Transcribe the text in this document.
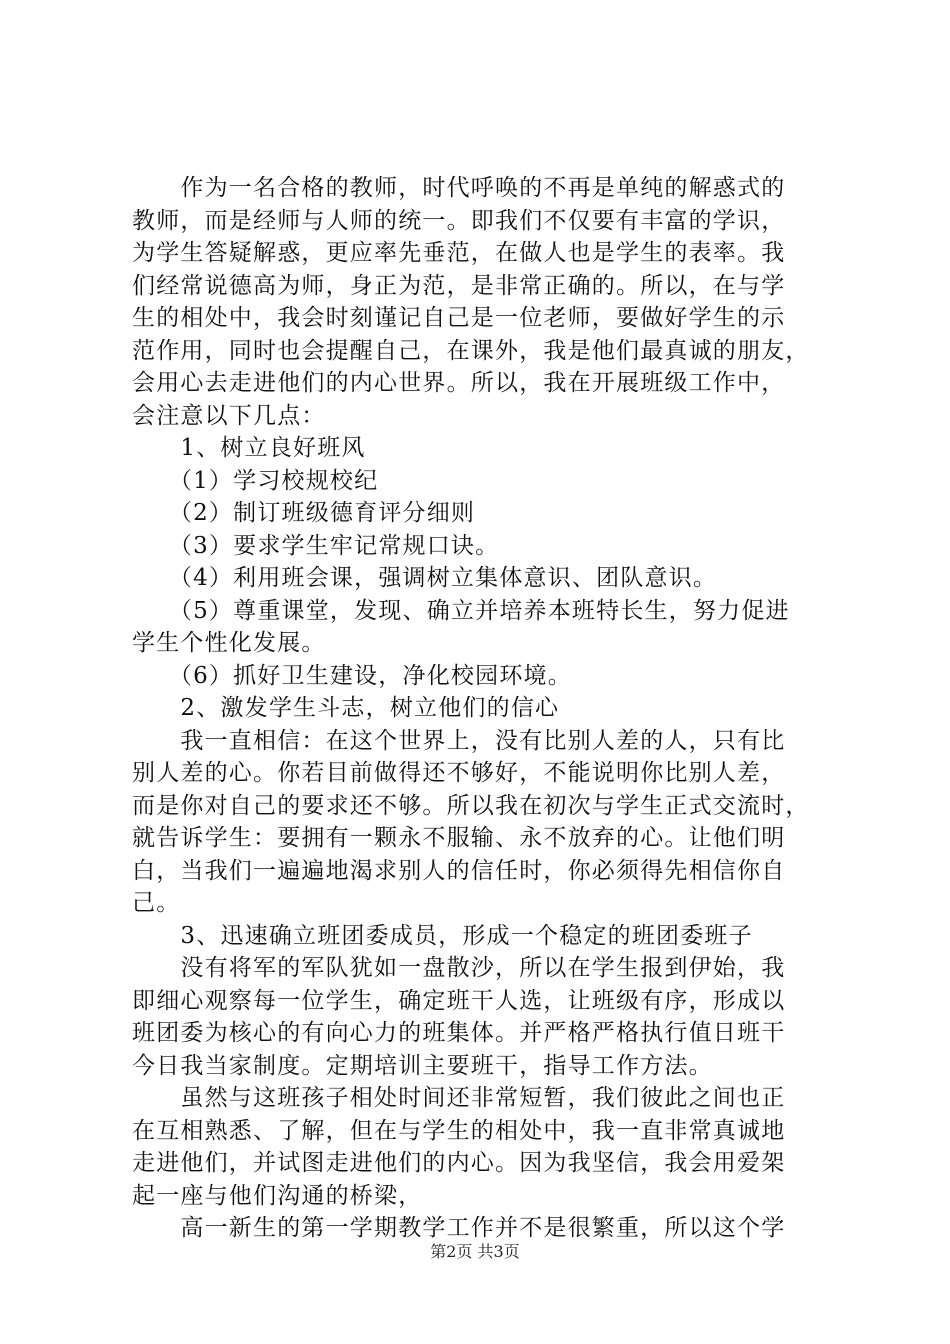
　　作为一名合格的教师，时代呼唤的不再是单纯的解惑式的
教师，而是经师与人师的统一。即我们不仅要有丰富的学识，
为学生答疑解惑，更应率先垂范，在做人也是学生的表率。我
们经常说德高为师，身正为范，是非常正确的。所以，在与学
生的相处中，我会时刻谨记自己是一位老师，要做好学生的示
范作用，同时也会提醒自己，在课外，我是他们最真诚的朋友，
会用心去走进他们的内心世界。所以，我在开展班级工作中，
会注意以下几点：
　　1、树立良好班风
　　（1）学习校规校纪
　　（2）制订班级德育评分细则
　　（3）要求学生牢记常规口诀。
　　（4）利用班会课，强调树立集体意识、团队意识。
　　（5）尊重课堂，发现、确立并培养本班特长生，努力促进
学生个性化发展。
　　（6）抓好卫生建设，净化校园环境。
　　2、激发学生斗志，树立他们的信心
　　我一直相信：在这个世界上，没有比别人差的人，只有比
别人差的心。你若目前做得还不够好，不能说明你比别人差，
而是你对自己的要求还不够。所以我在初次与学生正式交流时，
就告诉学生：要拥有一颗永不服输、永不放弃的心。让他们明
白，当我们一遍遍地渴求别人的信任时，你必须得先相信你自
己。
　　3、迅速确立班团委成员，形成一个稳定的班团委班子
　　没有将军的军队犹如一盘散沙，所以在学生报到伊始，我
即细心观察每一位学生，确定班干人选，让班级有序，形成以
班团委为核心的有向心力的班集体。并严格严格执行值日班干
今日我当家制度。定期培训主要班干，指导工作方法。
　　虽然与这班孩子相处时间还非常短暂，我们彼此之间也正
在互相熟悉、了解，但在与学生的相处中，我一直非常真诚地
走进他们，并试图走进他们的内心。因为我坚信，我会用爱架
起一座与他们沟通的桥梁，
　　高一新生的第一学期教学工作并不是很繁重，所以这个学
第2页 共3页
